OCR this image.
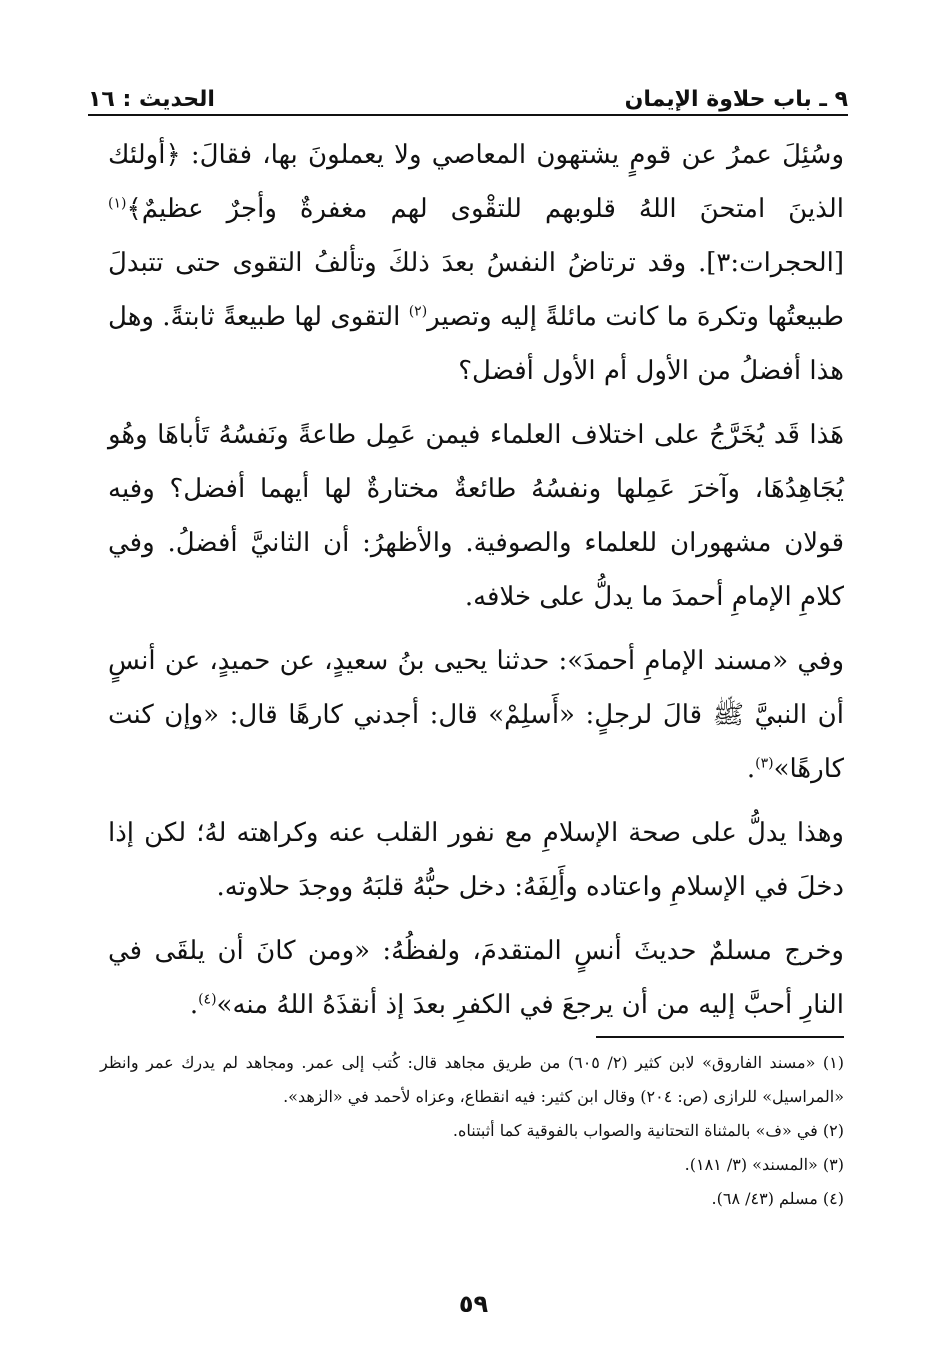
٩ ـ باب حلاوة الإيمان
الحديث : ١٦

وسُئِلَ عمرُ عن قومٍ يشتهون المعاصي ولا يعملونَ بها، فقالَ: ﴿أولئك الذينَ امتحنَ اللهُ قلوبهم للتقْوى لهم مغفرةٌ وأجرٌ عظيمٌ﴾$^{(١)}$ [الحجرات:٣]. وقد ترتاضُ النفسُ بعدَ ذلكَ وتألفُ التقوى حتى تتبدلَ طبيعتُها وتكرهَ ما كانت مائلةً إليه وتصير$^{(٢)}$ التقوى لها طبيعةً ثابتةً. وهل هذا أفضلُ من الأول أم الأول أفضل؟

هَذا قَد يُخَرَّجُ على اختلاف العلماء فيمن عَمِل طاعةً ونَفسُهُ تَأباهَا وهُو يُجَاهِدُهَا، وآخرَ عَمِلها ونفسُهُ طائعةٌ مختارةٌ لها أيهما أفضل؟ وفيه قولان مشهوران للعلماء والصوفية. والأظهرُ: أن الثانيَّ أفضلُ. وفي كلامِ الإمامِ أحمدَ ما يدلُّ على خلافه.

وفي «مسند الإمامِ أحمدَ»: حدثنا يحيى بنُ سعيدٍ، عن حميدٍ، عن أنسٍ أن النبيَّ ﷺ قالَ لرجلٍ: «أَسلِمْ» قال: أجدني كارهًا قال: «وإن كنت كارهًا»$^{(٣)}$.

وهذا يدلُّ على صحة الإسلامِ مع نفور القلب عنه وكراهته لهُ؛ لكن إذا دخلَ في الإسلامِ واعتاده وأَلِفَهُ: دخل حبُّهُ قلبَهُ ووجدَ حلاوته.

وخرج مسلمٌ حديثَ أنسٍ المتقدمَ، ولفظُهُ: «ومن كانَ أن يلقَى في النارِ أحبَّ إليه من أن يرجعَ في الكفرِ بعدَ إذ أنقذَهُ اللهُ منه»$^{(٤)}$.

(١) «مسند الفاروق» لابن كثير (٢/ ٦٠٥) من طريق مجاهد قال: كُتب إلى عمر. ومجاهد لم يدرك عمر وانظر «المراسيل» للرازى (ص: ٢٠٤) وقال ابن كثير: فيه انقطاع، وعزاه لأحمد في «الزهد».

(٢) في «ف» بالمثناة التحتانية والصواب بالفوقية كما أثبتناه.

(٣) «المسند» (٣/ ١٨١).

(٤) مسلم (٤٣/ ٦٨).

٥٩
